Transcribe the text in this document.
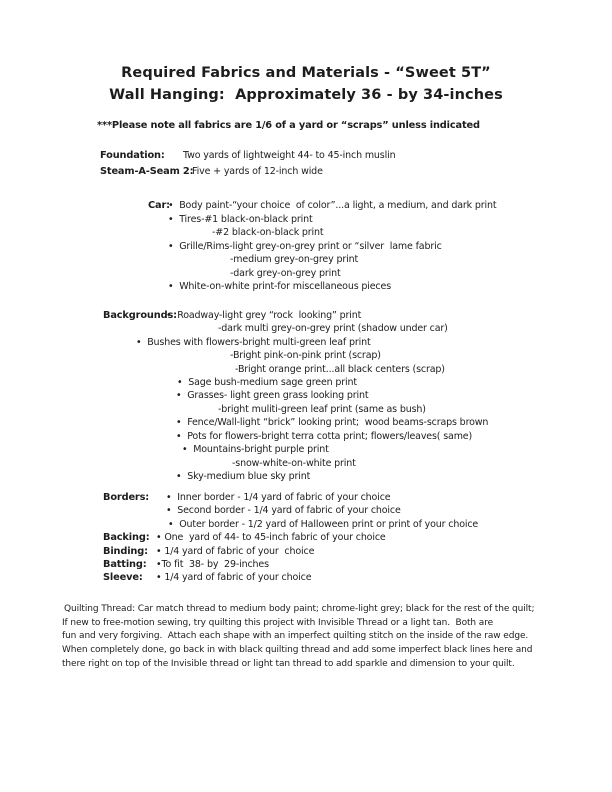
Required Fabrics and Materials - “Sweet 5T”
Wall Hanging:  Approximately 36 - by 34-inches
***Please note all fabrics are 1/6 of a yard or “scraps” unless indicated
Foundation: Two yards of lightweight 44- to 45-inch muslin
Steam-A-Seam 2:
Five + yards of 12-inch wide
Car:
•  Body paint-“your choice  of color”...a light, a medium, and dark print
•  Tires-#1 black-on-black print
-#2 black-on-black print
•  Grille/Rims-light grey-on-grey print or “silver  lame fabric
-medium grey-on-grey print
-dark grey-on-grey print
•  White-on-white print-for miscellaneous pieces
Backgrounds:
•  Roadway-light grey “rock  looking” print
-dark multi grey-on-grey print (shadow under car)
•  Bushes with flowers-bright multi-green leaf print
-Bright pink-on-pink print (scrap)
-Bright orange print...all black centers (scrap)
•  Sage bush-medium sage green print
•  Grasses- light green grass looking print
-bright muliti-green leaf print (same as bush)
•  Fence/Wall-light “brick” looking print;  wood beams-scraps brown
•  Pots for flowers-bright terra cotta print; flowers/leaves( same)
•  Mountains-bright purple print
-snow-white-on-white print
•  Sky-medium blue sky print
Borders: •  Inner border - 1/4 yard of fabric of your choice
•  Second border - 1/4 yard of fabric of your choice
•  Outer border - 1/2 yard of Halloween print or print of your choice
Backing: • One  yard of 44- to 45-inch fabric of your choice
Binding: • 1/4 yard of fabric of your  choice
Batting: •To fit  38- by  29-inches
Sleeve: • 1/4 yard of fabric of your choice
Quilting Thread: Car match thread to medium body paint; chrome-light grey; black for the rest of the quilt;
If new to free-motion sewing, try quilting this project with Invisible Thread or a light tan.  Both are
fun and very forgiving.  Attach each shape with an imperfect quilting stitch on the inside of the raw edge.
When completely done, go back in with black quilting thread and add some imperfect black lines here and
there right on top of the Invisible thread or light tan thread to add sparkle and dimension to your quilt.
